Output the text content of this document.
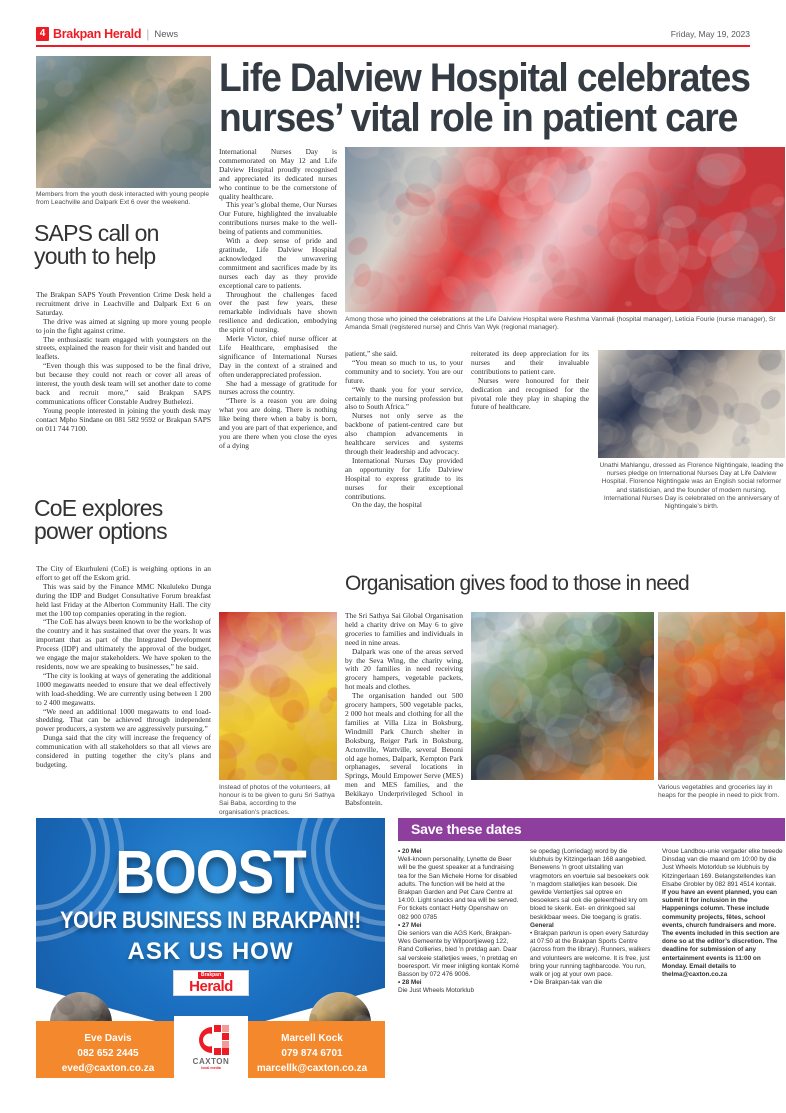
4 Brakpan Herald | News	Friday, May 19, 2023
Members from the youth desk interacted with young people from Leachville and Dalpark Ext 6 over the weekend.
SAPS call on youth to help

The Brakpan SAPS Youth Prevention Crime Desk held a recruitment drive in Leachville and Dalpark Ext 6 on Saturday.

The drive was aimed at signing up more young people to join the fight against crime.

The enthusiastic team engaged with youngsters on the streets, explained the reason for their visit and handed out leaflets.

“Even though this was supposed to be the final drive, but because they could not reach or cover all areas of interest, the youth desk team will set another date to come back and recruit more,” said Brakpan SAPS communications officer Constable Audrey Buthelezi.

Young people interested in joining the youth desk may contact Mpho Sindane on 081 582 9592 or Brakpan SAPS on 011 744 7100.

CoE explores power options

The City of Ekurhuleni (CoE) is weighing options in an effort to get off the Eskom grid.

This was said by the Finance MMC Nkululeko Dunga during the IDP and Budget Consultative Forum breakfast held last Friday at the Alberton Community Hall. The city met the 100 top companies operating in the region.

“The CoE has always been known to be the workshop of the country and it has sustained that over the years. It was important that as part of the Integrated Development Process (IDP) and ultimately the approval of the budget, we engage the major stakeholders. We have spoken to the residents, now we are speaking to businesses,” he said.

“The city is looking at ways of generating the additional 1000 megawatts needed to ensure that we deal effectively with load-shedding. We are currently using between 1 200 to 2 400 megawatts.

“We need an additional 1000 megawatts to end load-shedding. That can be achieved through independent power producers, a system we are aggressively pursuing.”

Dunga said that the city will increase the frequency of communication with all stakeholders so that all views are considered in putting together the city’s plans and budgeting.

Life Dalview Hospital celebrates nurses’ vital role in patient care

International Nurses Day is commemorated on May 12 and Life Dalview Hospital proudly recognised and appreciated its dedicated nurses who continue to be the cornerstone of quality healthcare.

This year’s global theme, Our Nurses Our Future, highlighted the invaluable contributions nurses make to the well-being of patients and communities.

With a deep sense of pride and gratitude, Life Dalview Hospital acknowledged the unwavering commitment and sacrifices made by its nurses each day as they provide exceptional care to patients.

Throughout the challenges faced over the past few years, these remarkable individuals have shown resilience and dedication, embodying the spirit of nursing.

Merle Victor, chief nurse officer at Life Healthcare, emphasised the significance of International Nurses Day in the context of a strained and often underappreciated profession.

She had a message of gratitude for nurses across the country.

“There is a reason you are doing what you are doing. There is nothing like being there when a baby is born, and you are part of that experience, and you are there when you close the eyes of a dying

Among those who joined the celebrations at the Life Dalview Hospital were Reshma Vanmali (hospital manager), Leticia Fourie (nurse manager), Sr Amanda Small (registered nurse) and Chris Van Wyk (regional manager).

patient,” she said.

“You mean so much to us, to your community and to society. You are our future.

“We thank you for your service, certainly to the nursing profession but also to South Africa.”

Nurses not only serve as the backbone of patient-centred care but also champion advancements in healthcare services and systems through their leadership and advocacy.

International Nurses Day provided an opportunity for Life Dalview Hospital to express gratitude to its nurses for their exceptional contributions.

On the day, the hospital

reiterated its deep appreciation for its nurses and their invaluable contributions to patient care.

Nurses were honoured for their dedication and recognised for the pivotal role they play in shaping the future of healthcare.

Unathi Mahlangu, dressed as Florence Nightingale, leading the nurses pledge on International Nurses Day at Life Dalview Hospital. Florence Nightingale was an English social reformer and statistician, and the founder of modern nursing. International Nurses Day is celebrated on the anniversary of Nightingale’s birth.
Organisation gives food to those in need
Instead of photos of the volunteers, all honour is to be given to guru Sri Sathya Sai Baba, according to the organisation’s practices.

The Sri Sathya Sai Global Organisation held a charity drive on May 6 to give groceries to families and individuals in need in nine areas.

Dalpark was one of the areas served by the Seva Wing, the charity wing, with 20 families in need receiving grocery hampers, vegetable packets, hot meals and clothes.

The organisation handed out 500 grocery hampers, 500 vegetable packs, 2 000 hot meals and clothing for all the families at Villa Liza in Boksburg, Windmill Park Church shelter in Boksburg, Reiger Park in Boksburg, Actonville, Wattville, several Benoni old age homes, Dalpark, Kempton Park orphanages, several locations in Springs, Mould Empower Serve (MES) men and MES families, and the Bekikayo Underprivileged School in Babsfontein.

Various vegetables and groceries lay in heaps for the people in need to pick from.
BOOST
YOUR BUSINESS IN BRAKPAN!!
ASK US HOW
Brakpan
Herald
Eve Davis
082 652 2445
eved@caxton.co.za
Marcell Kock
079 874 6701
marcellk@caxton.co.za
CAXTON
local media
Save these dates

• 20 Mei

Well-known personality, Lynette de Beer will be the guest speaker at a fundraising tea for the San Michele Home for disabled adults. The function will be held at the Brakpan Garden and Pet Care Centre at 14:00. Light snacks and tea will be served. For tickets contact Hetty Openshaw on 082 900 0785

• 27 Mei

Die seniors van die AGS Kerk, Brakpan-Wes Gemeente by Wilpoortjieweg 122, Rand Collieries, bied ’n pretdag aan. Daar sal verskeie stalletjies wees, ’n pretdag en boeresport. Vir meer inligting kontak Korné Basson by 072 476 9006.

• 28 Mei

Die Just Wheels Motorklub

se opedag (Lorriedag) word by die klubhuis by Kitzingerlaan 168 aangebied. Benewens ’n groot uitstalling van vragmotors en voertuie sal besoekers ook ’n magdom stalletjies kan besoek. Die gewilde Ventertjies sal optree en besoekers sal ook die geleentheid kry om bloed te skenk. Eet- en drinkgoed sal beskikbaar wees. Die toegang is gratis.

General

• Brakpan parkrun is open every Saturday at 07:50 at the Brakpan Sports Centre (across from the library). Runners, walkers and volunteers are welcome. It is free, just bring your running taghbarcode. You run, walk or jog at your own pace.

• Die Brakpan-tak van die

Vroue Landbou-unie vergader elke tweede Dinsdag van die maand om 10:00 by die Just Wheels Motorklub se klubhuis by Kitzingerlaan 169. Belangstellendes kan Elsabe Grobler by 082 891 4514 kontak.

If you have an event planned, you can submit it for inclusion in the Happenings column. These include community projects, fêtes, school events, church fundraisers and more. The events included in this section are done so at the editor’s discretion. The deadline for submission of any entertainment events is 11:00 on Monday. Email details to thelma@caxton.co.za
